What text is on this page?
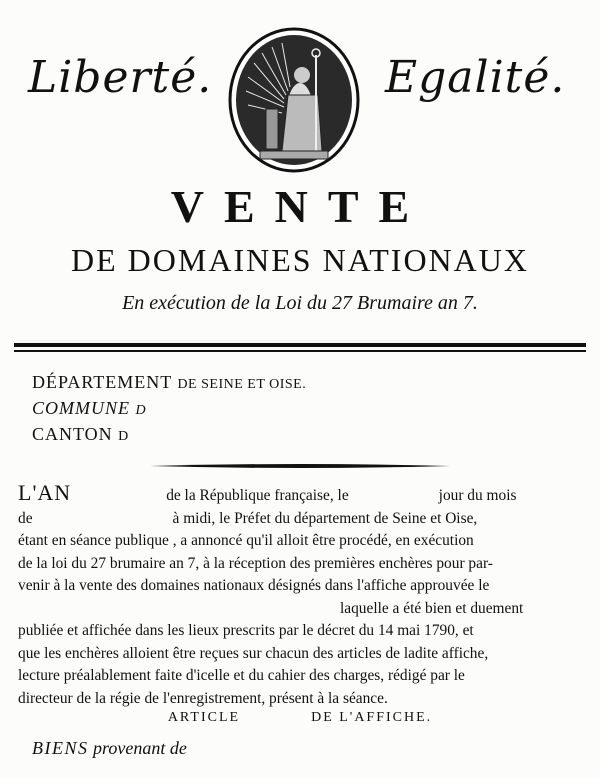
Liberté.	Egalité.
VENTE
DE DOMAINES NATIONAUX
En exécution de la Loi du 27 Brumaire an 7.
DÉPARTEMENT DE SEINE ET OISE.
COMMUNE D
CANTON D
L'AN	de la République française, le	jour du mois
de	à midi, le Préfet du département de Seine et Oise,
étant en séance publique , a annoncé qu'il alloit être procédé, en exécution
de la loi du 27 brumaire an 7, à la réception des premières enchères pour par-
venir à la vente des domaines nationaux désignés dans l'affiche approuvée le
laquelle a été bien et duement
publiée et affichée dans les lieux prescrits par le décret du 14 mai 1790, et
que les enchères alloient être reçues sur chacun des articles de ladite affiche,
lecture préalablement faite d'icelle et du cahier des charges, rédigé par le
directeur de la régie de l'enregistrement, présent à la séance.
ARTICLE	DE L'AFFICHE.
BIENS provenant de
